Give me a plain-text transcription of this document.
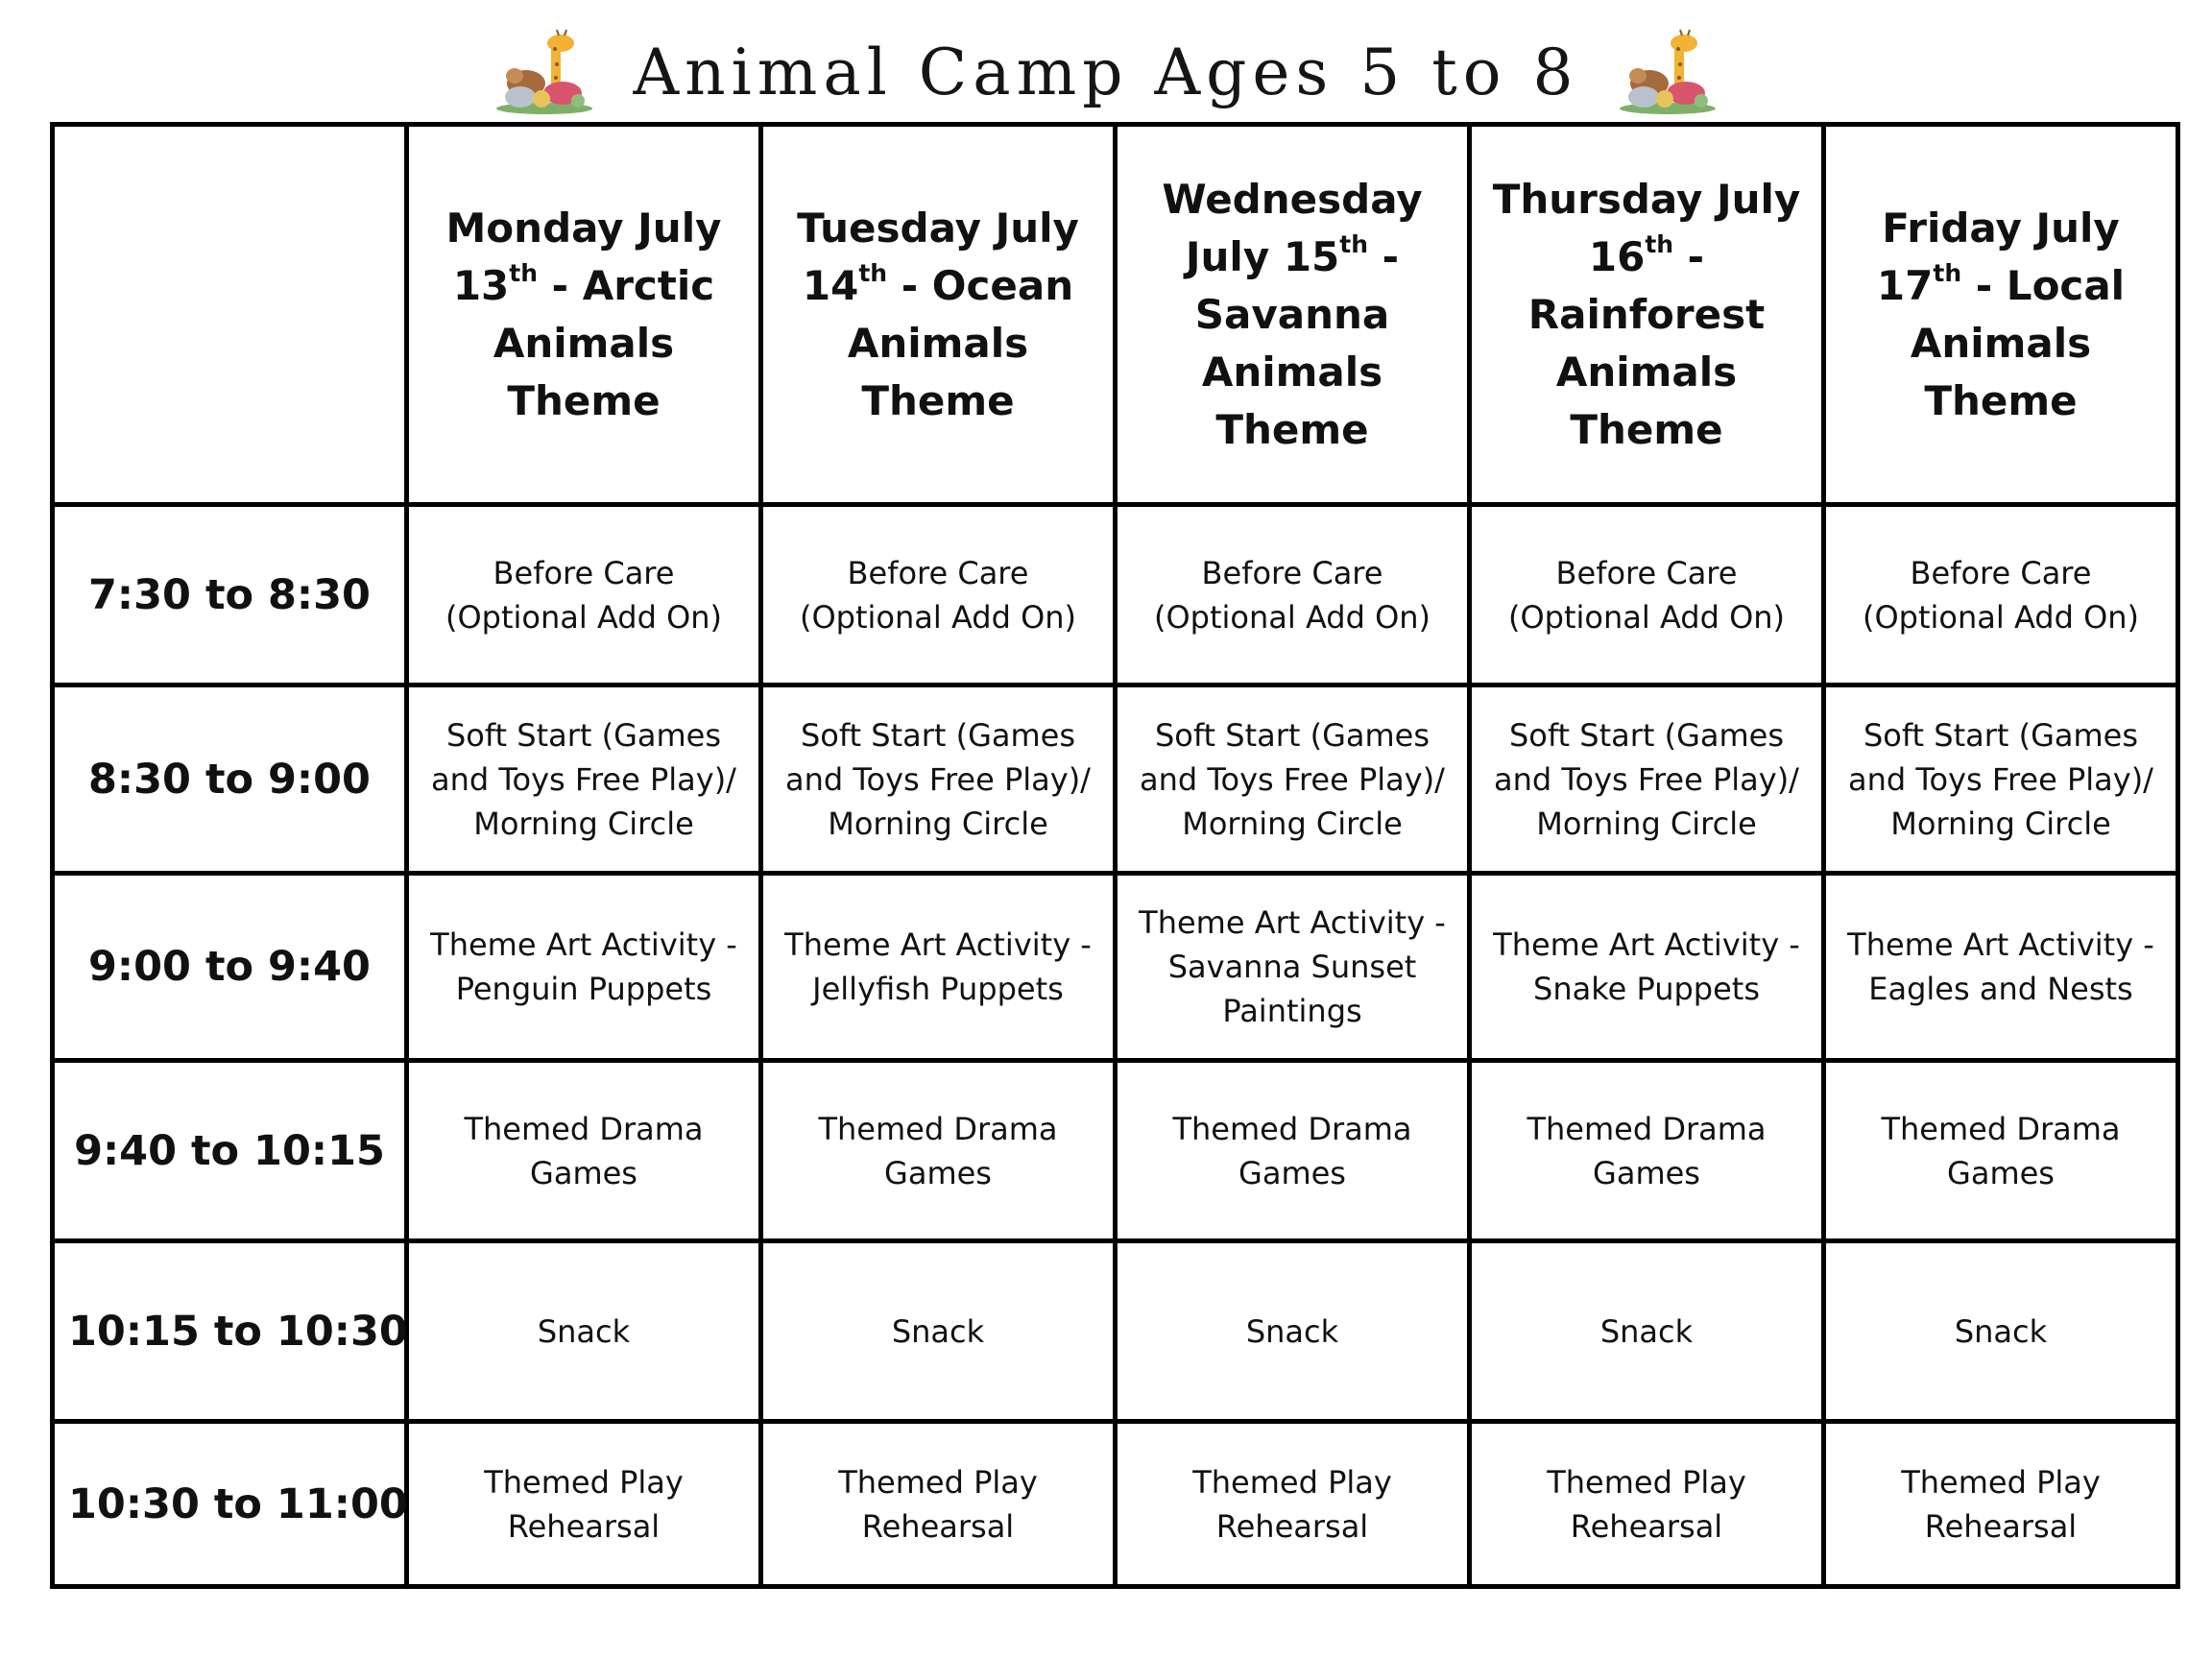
Animal Camp Ages 5 to 8
	Monday July 13th - Arctic Animals Theme	Tuesday July 14th - Ocean Animals Theme	Wednesday July 15th - Savanna Animals Theme	Thursday July 16th - Rainforest Animals Theme	Friday July 17th - Local Animals Theme
7:30 to 8:30	Before Care (Optional Add On)	Before Care (Optional Add On)	Before Care (Optional Add On)	Before Care (Optional Add On)	Before Care (Optional Add On)
8:30 to 9:00	Soft Start (Games and Toys Free Play)/ Morning Circle	Soft Start (Games and Toys Free Play)/ Morning Circle	Soft Start (Games and Toys Free Play)/ Morning Circle	Soft Start (Games and Toys Free Play)/ Morning Circle	Soft Start (Games and Toys Free Play)/ Morning Circle
9:00 to 9:40	Theme Art Activity - Penguin Puppets	Theme Art Activity - Jellyfish Puppets	Theme Art Activity - Savanna Sunset Paintings	Theme Art Activity - Snake Puppets	Theme Art Activity - Eagles and Nests
9:40 to 10:15	Themed Drama Games	Themed Drama Games	Themed Drama Games	Themed Drama Games	Themed Drama Games
10:15 to 10:30	Snack	Snack	Snack	Snack	Snack
10:30 to 11:00	Themed Play Rehearsal	Themed Play Rehearsal	Themed Play Rehearsal	Themed Play Rehearsal	Themed Play Rehearsal
